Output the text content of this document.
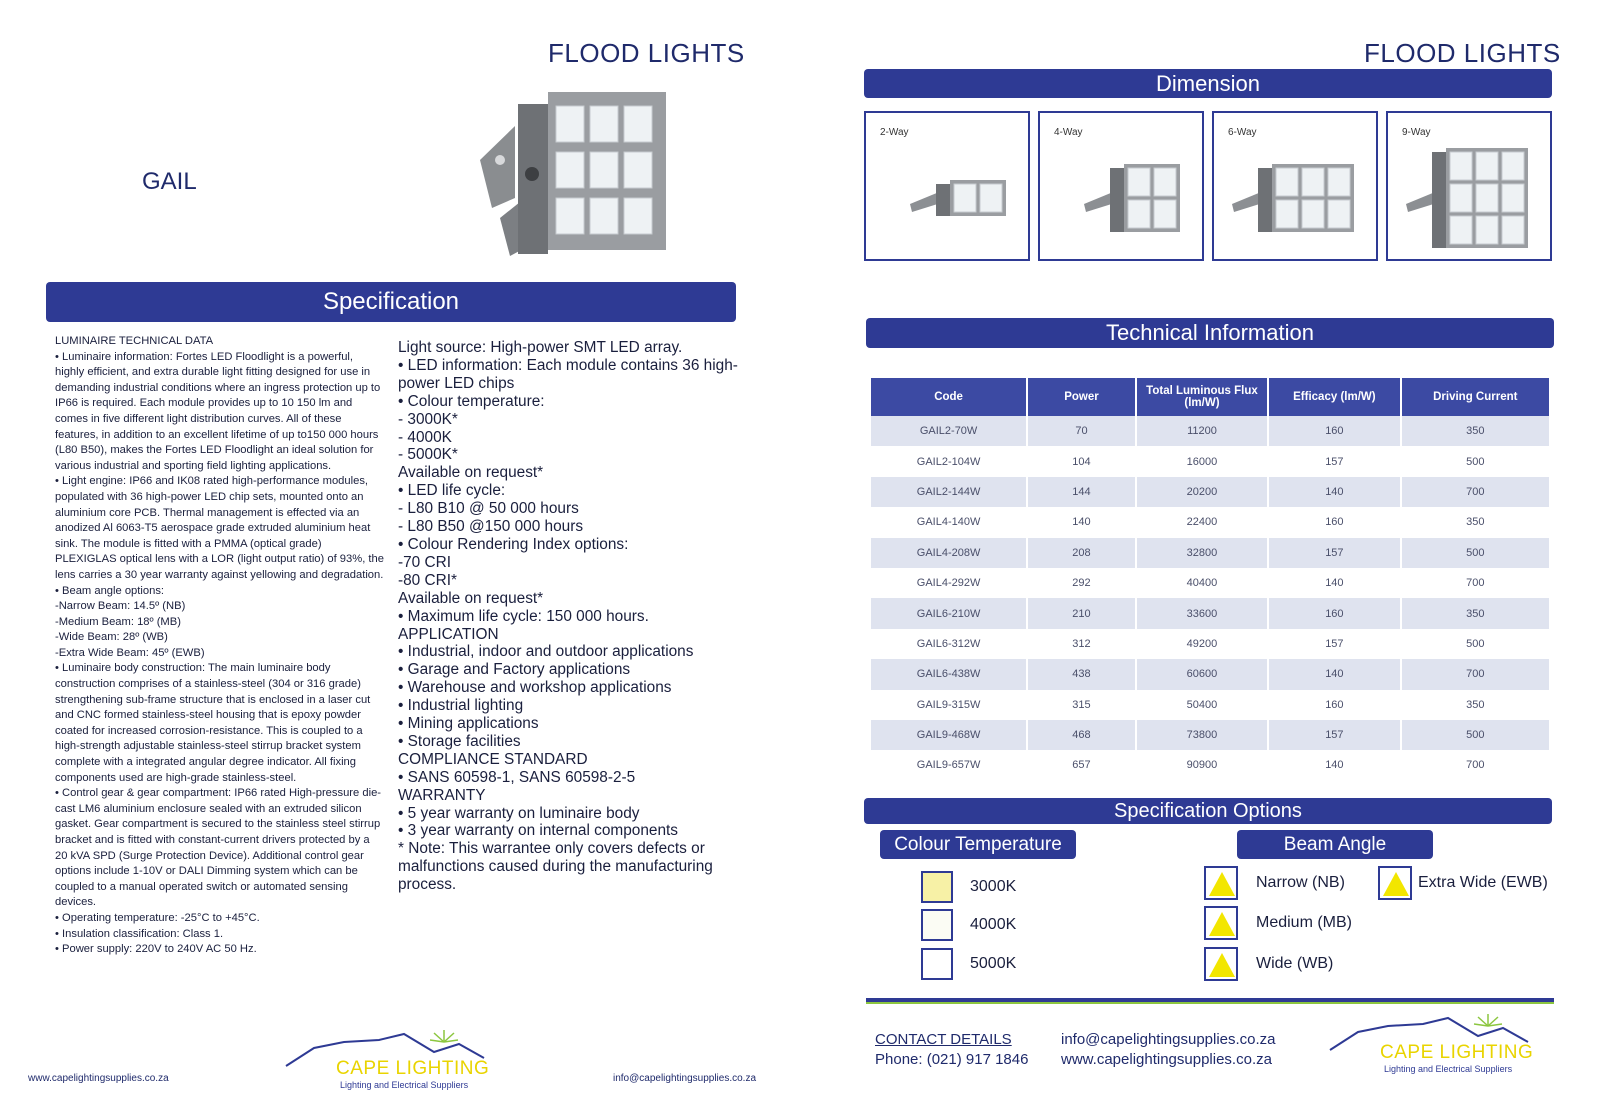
FLOOD LIGHTS
GAIL
Specification

LUMINAIRE TECHNICAL DATA

• Luminaire information: Fortes LED Floodlight is a powerful, highly efficient, and extra durable light fitting designed for use in demanding industrial conditions where an ingress protection up to IP66 is required. Each module provides up to 10 150 lm and comes in five different light distribution curves. All of these features, in addition to an excellent lifetime of up to150 000 hours (L80 B50), makes the Fortes LED Floodlight an ideal solution for various industrial and sporting field lighting applications.

• Light engine: IP66 and IK08 rated high-performance modules, populated with 36 high-power LED chip sets, mounted onto an aluminium core PCB. Thermal management is effected via an anodized Al 6063-T5 aerospace grade extruded aluminium heat sink. The module is fitted with a PMMA (optical grade) PLEXIGLAS optical lens with a LOR (light output ratio) of 93%, the lens carries a 30 year warranty against yellowing and degradation.

• Beam angle options:

-Narrow Beam: 14.5º (NB)

-Medium Beam: 18º (MB)

-Wide Beam: 28º (WB)

-Extra Wide Beam: 45º (EWB)

• Luminaire body construction: The main luminaire body construction comprises of a stainless-steel (304 or 316 grade) strengthening sub-frame structure that is enclosed in a laser cut and CNC formed stainless-steel housing that is epoxy powder coated for increased corrosion-resistance. This is coupled to a high-strength adjustable stainless-steel stirrup bracket system complete with a integrated angular degree indicator. All fixing components used are high-grade stainless-steel.

• Control gear & gear compartment: IP66 rated High-pressure die-cast LM6 aluminium enclosure sealed with an extruded silicon gasket. Gear compartment is secured to the stainless steel stirrup bracket and is fitted with constant-current drivers protected by a 20 kVA SPD (Surge Protection Device). Additional control gear options include 1-10V or DALI Dimming system which can be coupled to a manual operated switch or automated sensing devices.

• Operating temperature: -25°C to +45°C.

• Insulation classification: Class 1.

• Power supply: 220V to 240V AC 50 Hz.

Light source: High-power SMT LED array.

• LED information: Each module contains 36 high-power LED chips

• Colour temperature:

- 3000K*

- 4000K

- 5000K*

Available on request*

• LED life cycle:

- L80 B10 @ 50 000 hours

- L80 B50 @150 000 hours

• Colour Rendering Index options:

-70 CRI

-80 CRI*

Available on request*

• Maximum life cycle: 150 000 hours.

APPLICATION

• Industrial, indoor and outdoor applications

• Garage and Factory applications

• Warehouse and workshop applications

• Industrial lighting

• Mining applications

• Storage facilities

COMPLIANCE STANDARD

• SANS 60598-1, SANS 60598-2-5

WARRANTY

• 5 year warranty on luminaire body

• 3 year warranty on internal components

* Note: This warrantee only covers defects or malfunctions caused during the manufacturing process.

www.capelightingsupplies.co.za	info@capelightingsupplies.co.za
CAPE LIGHTING
Lighting and Electrical Suppliers
FLOOD LIGHTS
Dimension
2-Way	4-Way	6-Way	9-Way
Technical Information
Code	Power	Total Luminous Flux (lm/W)	Efficacy (lm/W)	Driving Current
GAIL2-70W	70	11200	160	350
GAIL2-104W	104	16000	157	500
GAIL2-144W	144	20200	140	700
GAIL4-140W	140	22400	160	350
GAIL4-208W	208	32800	157	500
GAIL4-292W	292	40400	140	700
GAIL6-210W	210	33600	160	350
GAIL6-312W	312	49200	157	500
GAIL6-438W	438	60600	140	700
GAIL9-315W	315	50400	160	350
GAIL9-468W	468	73800	157	500
GAIL9-657W	657	90900	140	700
Specification Options
Colour Temperature	Beam Angle
3000K
4000K
5000K
Narrow (NB)
Medium (MB)
Wide (WB)
Extra Wide (EWB)
CONTACT DETAILS
Phone: (021) 917 1846
info@capelightingsupplies.co.za
www.capelightingsupplies.co.za	CAPE LIGHTING
Lighting and Electrical Suppliers
